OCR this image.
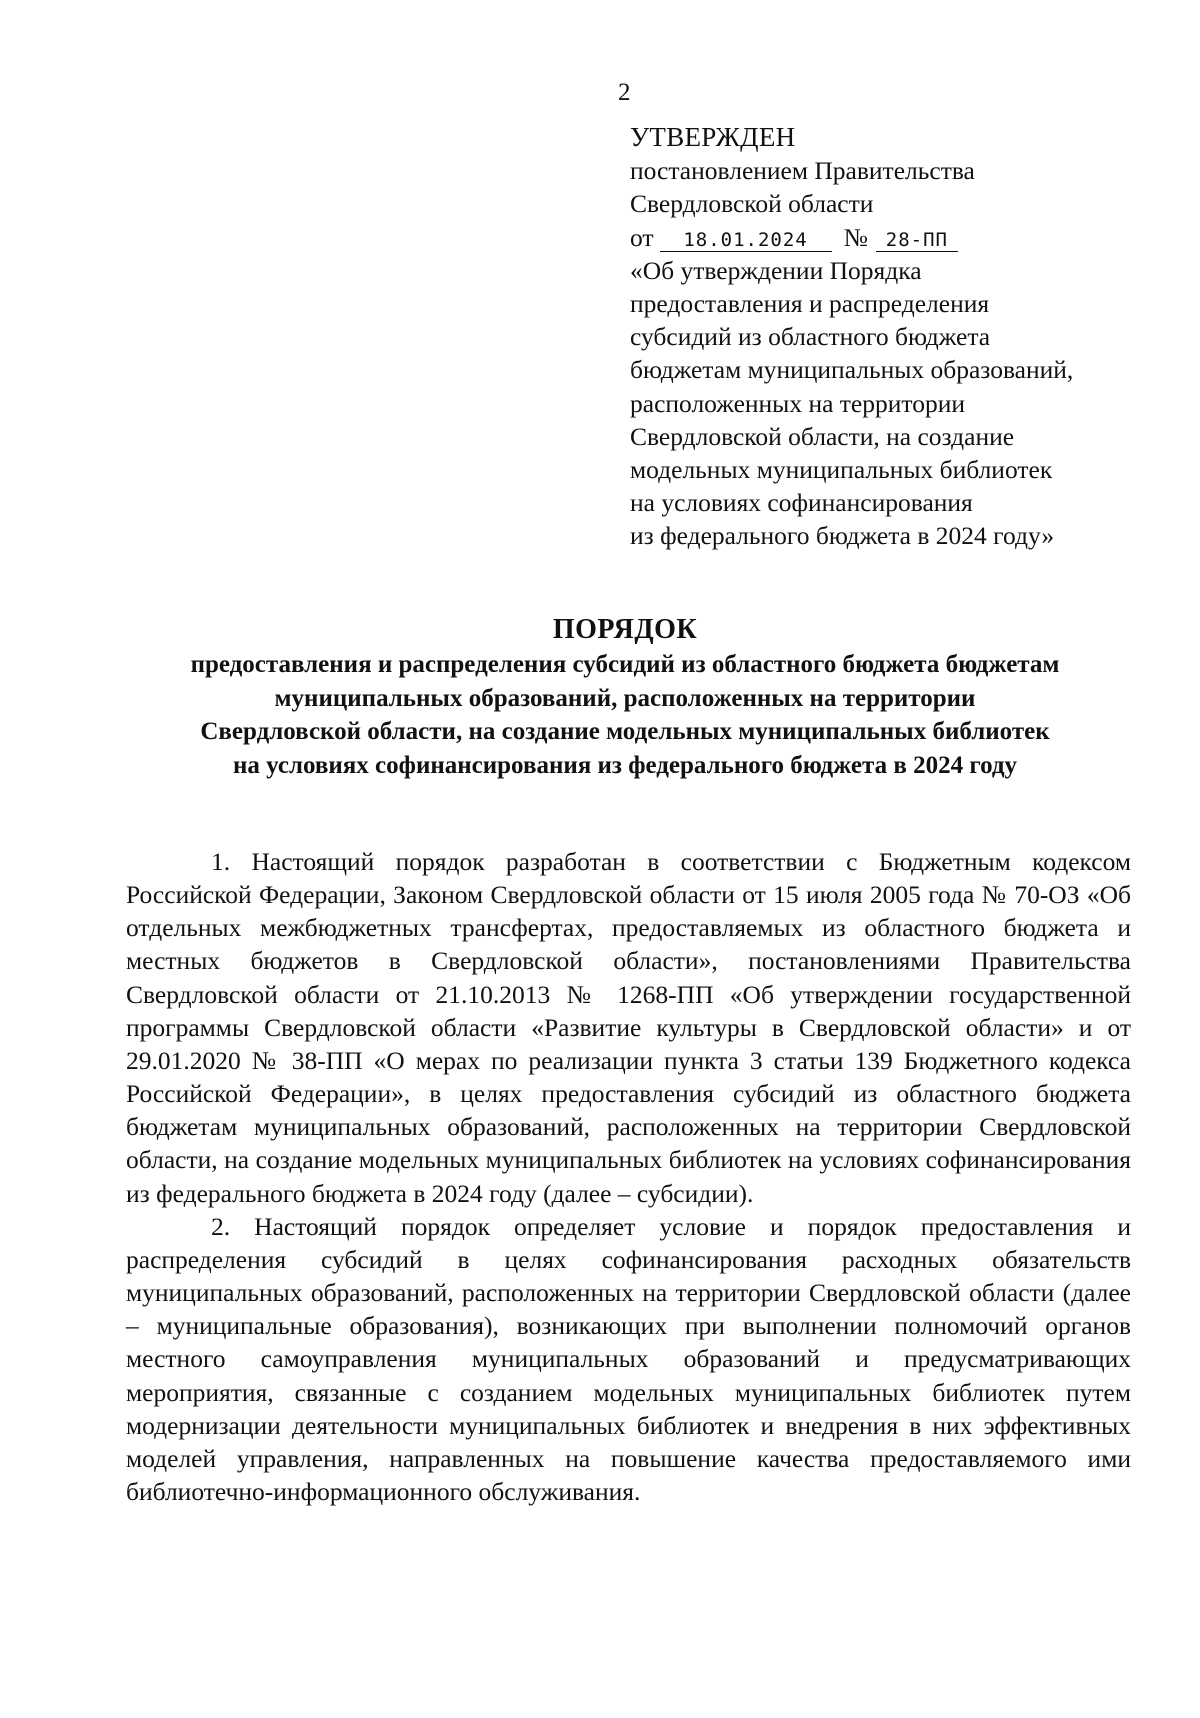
2
УТВЕРЖДЕН
постановлением Правительства
Свердловской области
от 18.01.2024 № 28-ПП
«Об утверждении Порядка
предоставления и распределения
субсидий из областного бюджета
бюджетам муниципальных образований,
расположенных на территории
Свердловской области, на создание
модельных муниципальных библиотек
на условиях софинансирования
из федерального бюджета в 2024 году»
ПОРЯДОК
предоставления и распределения субсидий из областного бюджета бюджетам
муниципальных образований, расположенных на территории
Свердловской области, на создание модельных муниципальных библиотек
на условиях софинансирования из федерального бюджета в 2024 году

1. Настоящий порядок разработан в соответствии с Бюджетным кодексом Российской Федерации, Законом Свердловской области от 15 июля 2005 года № 70-ОЗ «Об отдельных межбюджетных трансфертах, предоставляемых из областного бюджета и местных бюджетов в Свердловской области», постановлениями Правительства Свердловской области от 21.10.2013 № 1268-ПП «Об утверждении государственной программы Свердловской области «Развитие культуры в Свердловской области» и от 29.01.2020 № 38-ПП «О мерах по реализации пункта 3 статьи 139 Бюджетного кодекса Российской Федерации», в целях предоставления субсидий из областного бюджета бюджетам муниципальных образований, расположенных на территории Свердловской области, на создание модельных муниципальных библиотек на условиях софинансирования из федерального бюджета в 2024 году (далее – субсидии).

2. Настоящий порядок определяет условие и порядок предоставления и распределения субсидий в целях софинансирования расходных обязательств муниципальных образований, расположенных на территории Свердловской области (далее – муниципальные образования), возникающих при выполнении полномочий органов местного самоуправления муниципальных образований и предусматривающих мероприятия, связанные с созданием модельных муниципальных библиотек путем модернизации деятельности муниципальных библиотек и внедрения в них эффективных моделей управления, направленных на повышение качества предоставляемого ими библиотечно-информационного обслуживания.
